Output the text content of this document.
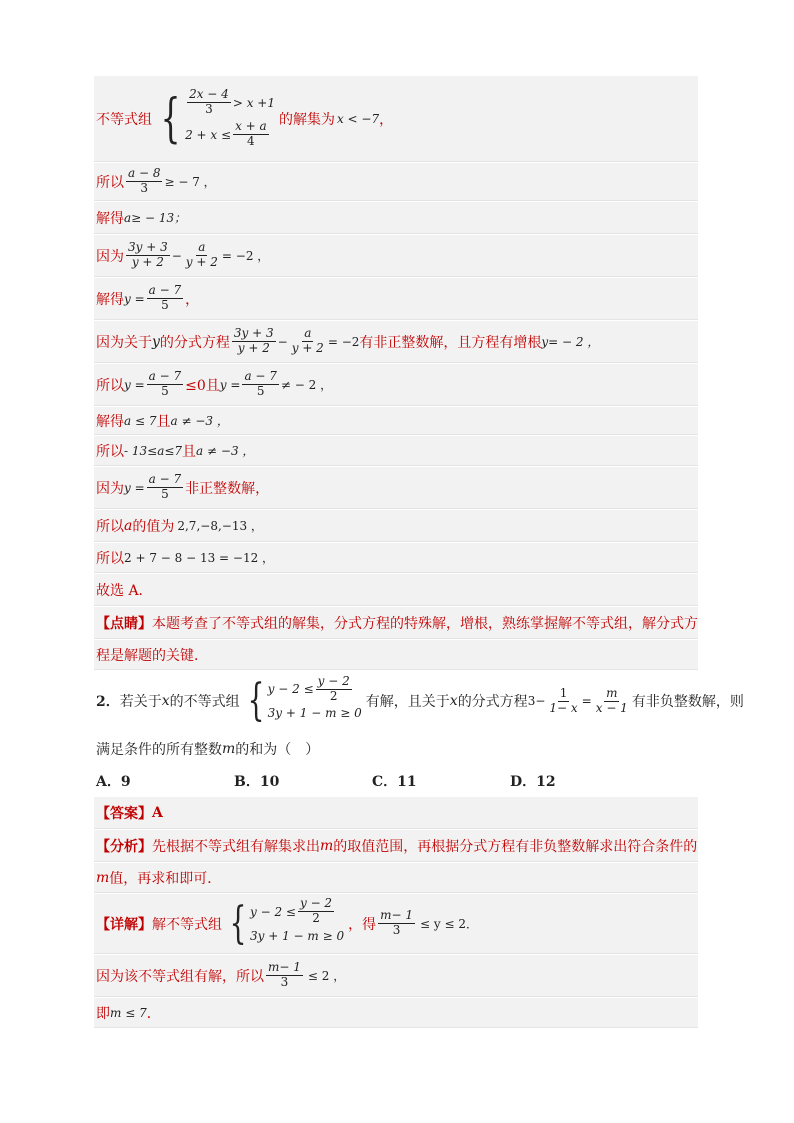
不等式组 { $\frac{2x - 4}{3} > x +1$
$2 + x \le \frac{x + a}{4}$
的解集为 x < −7 ，
所以 $\frac{a - 8}{3}$ ≥ − 7 ，
解得 a≥ − 13；
因为 $\frac{3y + 3}{y + 2} - \frac{a}{y + 2} = -2$ ，
解得 $y = \frac{a - 7}{5}$ ，
因为关于 y 的分式方程 $\frac{3y + 3}{y + 2} - \frac{a}{y + 2} = -2$ 有非正整数解，且方程有增根 y= − 2 ，
所以 $y = \frac{a - 7}{5} \le 0$且 $y = \frac{a - 7}{5}$ ≠ − 2 ，
解得 a ≤ 7 且 a ≠ −3 ，
所以 - 13≤a≤7 且 a ≠ −3 ，
因为 $y = \frac{a - 7}{5}$ 非正整数解，
所以 a 的值为 2,7,−8,−13 ，
所以 2 + 7 − 8 − 13 = −12 ，
故选 A．
【点睛】 本题考查了不等式组的解集，分式方程的特殊解，增根，熟练掌握解不等式组，解分式方
程是解题的关键．
2． 若关于 x 的不等式组 { $y - 2 \le \frac{y - 2}{2}$
3y + 1 − m ≥ 0
有解，且关于 x 的分式方程 $3- \frac{1}{1- x} = \frac{m}{x - 1}$ 有非负整数解，则
满足条件的所有整数 m 的和为（　）
A．9	B．10	C．11	D．12
【答案】 A
【分析】 先根据不等式组有解集求出 m 的取值范围，再根据分式方程有非负整数解求出符合条件的
m 值，再求和即可．
【详解】 解不等式组 { $y - 2 \le \frac{y - 2}{2}$
3y + 1 − m ≥ 0
，得 $\frac{m- 1}{3} \le y \le 2$．
因为该不等式组有解，所以 $\frac{m- 1}{3} \le 2$ ，
即 m ≤ 7 ．
